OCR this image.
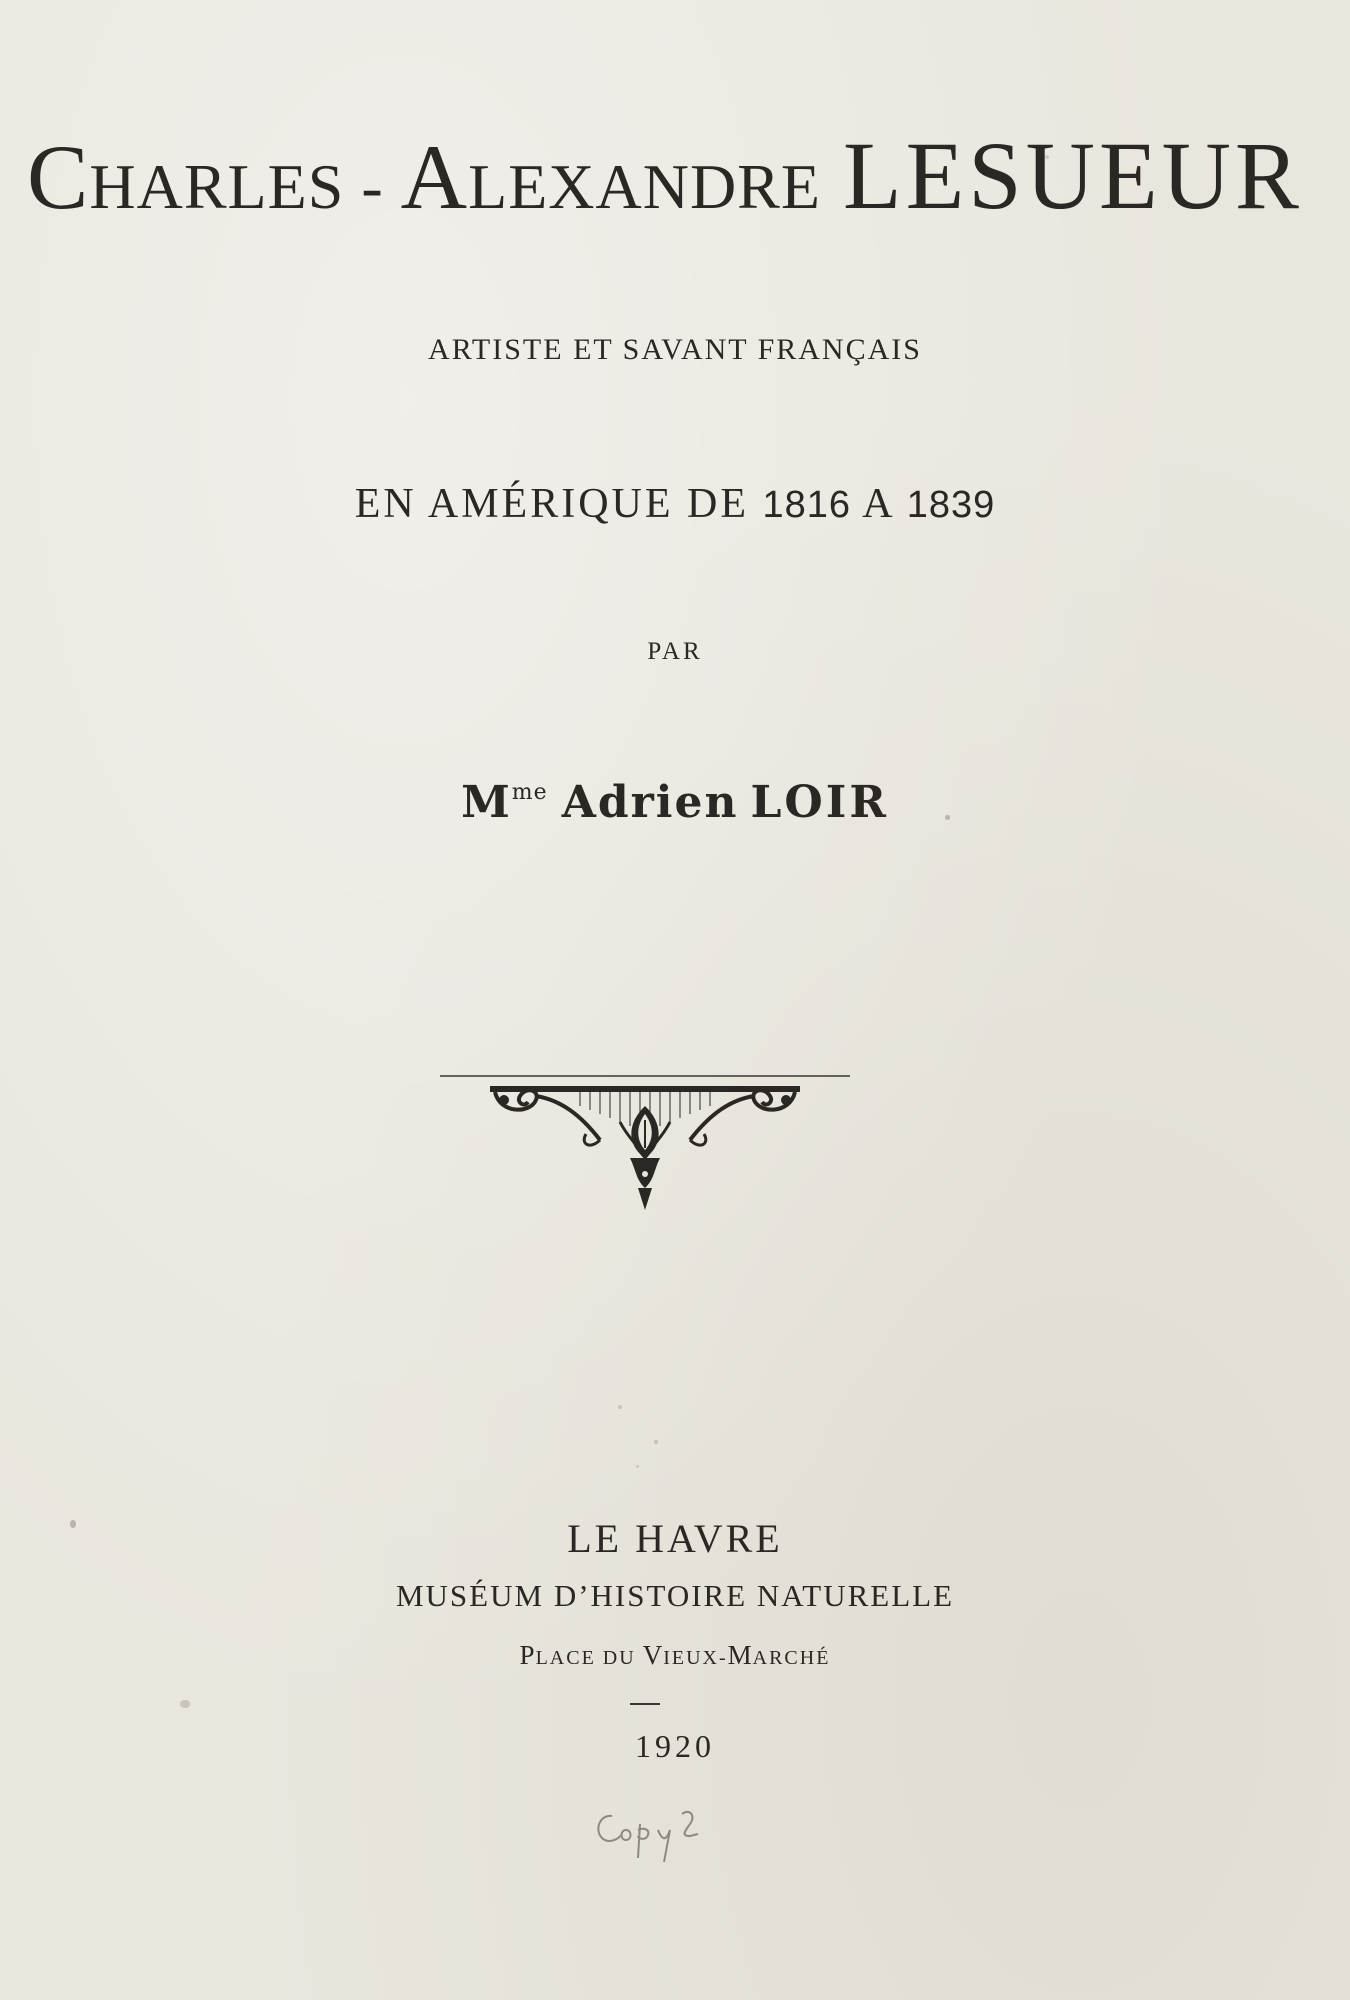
CHARLES - ALEXANDRE LESUEUR
ARTISTE ET SAVANT FRANÇAIS
EN AMÉRIQUE DE 1816 A 1839
PAR
$M^{me}$ Adrien LOIR
LE HAVRE
MUSÉUM D’HISTOIRE NATURELLE
PLACE DU VIEUX-MARCHÉ
1920
